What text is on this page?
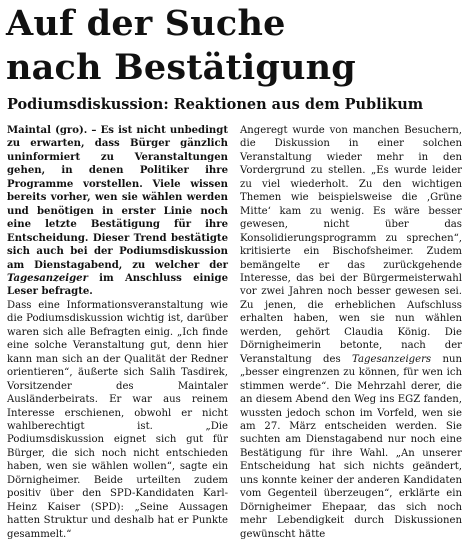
Auf der Suche
nach Bestätigung
Podiumsdiskussion: Reaktionen aus dem Publikum

Maintal (gro). – Es ist nicht unbedingt zu erwarten, dass Bürger gänzlich uninformiert zu Veranstaltungen gehen, in denen Politiker ihre Programme vorstellen. Viele wissen bereits vorher, wen sie wählen werden und benötigen in erster Linie noch eine letzte Bestätigung für ihre Entscheidung. Dieser Trend bestätigte sich auch bei der Podiumsdiskussion am Dienstagabend, zu welcher der Tagesanzeiger im Anschluss einige Leser befragte.

Dass eine Informationsveranstaltung wie die Podiumsdiskussion wichtig ist, darüber waren sich alle Befragten einig. „Ich finde eine solche Veranstaltung gut, denn hier kann man sich an der Qualität der Redner orientieren“, äußerte sich Salih Tasdirek, Vorsitzender des Maintaler Ausländerbeirats. Er war aus reinem Interesse erschienen, obwohl er nicht wahlberechtigt ist. „Die Podiumsdiskussion eignet sich gut für Bürger, die sich noch nicht entschieden haben, wen sie wählen wollen“, sagte ein Dörnigheimer. Beide urteilten zudem positiv über den SPD-Kandidaten Karl-Heinz Kaiser (SPD): „Seine Aussagen hatten Struktur und deshalb hat er Punkte gesammelt.“

Angeregt wurde von manchen Besuchern, die Diskussion in einer solchen Veranstaltung wieder mehr in den Vordergrund zu stellen. „Es wurde leider zu viel wiederholt. Zu den wichtigen Themen wie beispielsweise die ‚Grüne Mitte‘ kam zu wenig. Es wäre besser gewesen, nicht über das Konsolidierungsprogramm zu sprechen“, kritisierte ein Bischofsheimer. Zudem bemängelte er das zurückgehende Interesse, das bei der Bürgermeisterwahl vor zwei Jahren noch besser gewesen sei. Zu jenen, die erheblichen Aufschluss erhalten haben, wen sie nun wählen werden, gehört Claudia König. Die Dörnigheimerin betonte, nach der Veranstaltung des Tagesanzeigers nun „besser eingrenzen zu können, für wen ich stimmen werde“. Die Mehrzahl derer, die an diesem Abend den Weg ins EGZ fanden, wussten jedoch schon im Vorfeld, wen sie am 27. März entscheiden werden. Sie suchten am Dienstagabend nur noch eine Bestätigung für ihre Wahl. „An unserer Entscheidung hat sich nichts geändert, uns konnte keiner der anderen Kandidaten vom Gegenteil überzeugen“, erklärte ein Dörnigheimer Ehepaar, das sich noch mehr Lebendigkeit durch Diskussionen gewünscht hätte
